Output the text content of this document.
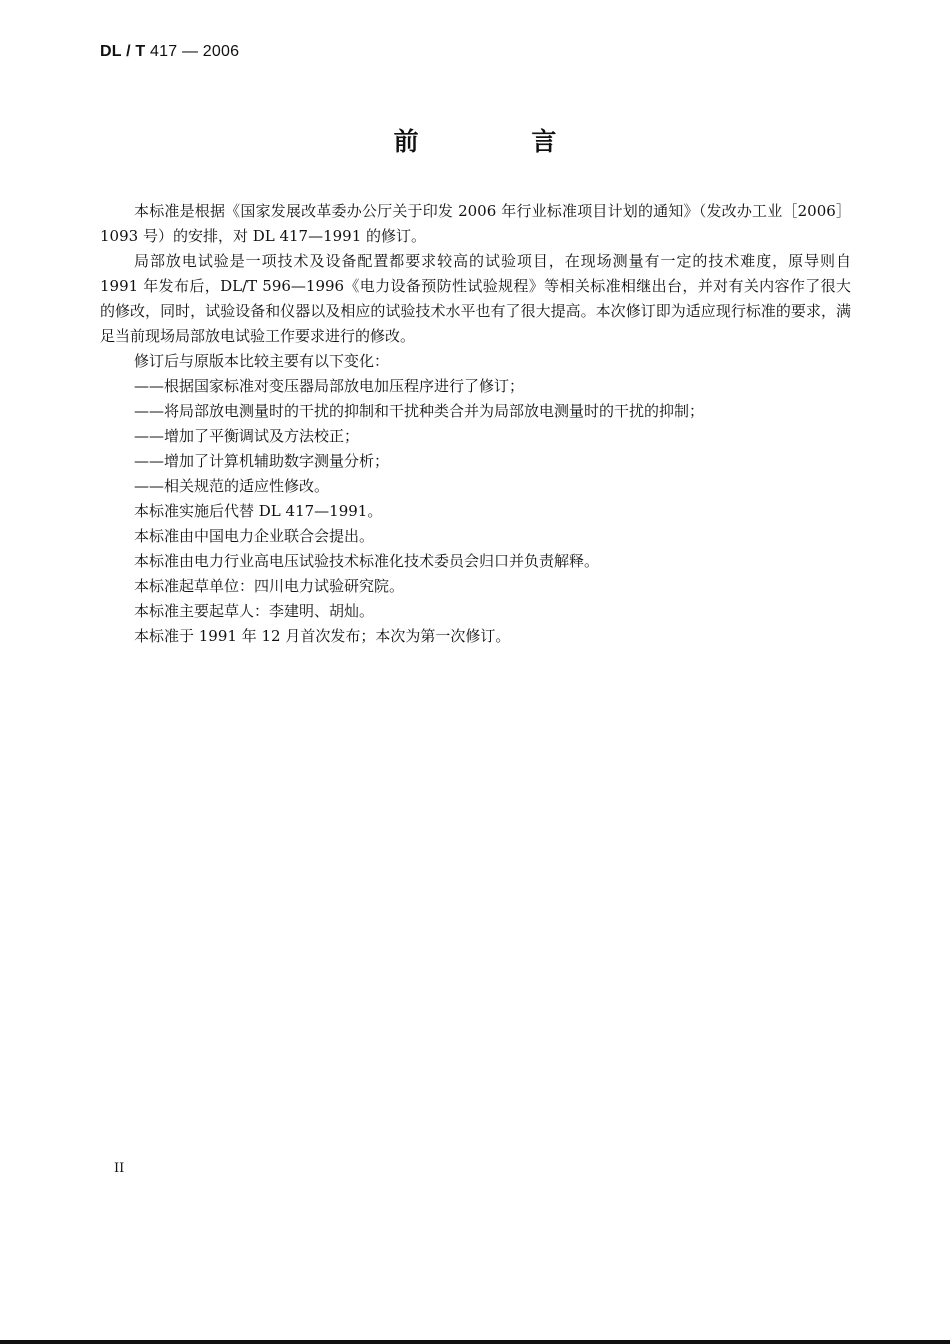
DL / T 417 — 2006
前 言

本标准是根据《国家发展改革委办公厅关于印发 2006 年行业标准项目计划的通知》（发改办工业［2006］1093 号）的安排，对 DL 417—1991 的修订。

局部放电试验是一项技术及设备配置都要求较高的试验项目，在现场测量有一定的技术难度，原导则自 1991 年发布后，DL/T 596—1996《电力设备预防性试验规程》等相关标准相继出台，并对有关内容作了很大的修改，同时，试验设备和仪器以及相应的试验技术水平也有了很大提高。本次修订即为适应现行标准的要求，满足当前现场局部放电试验工作要求进行的修改。

修订后与原版本比较主要有以下变化：

——根据国家标准对变压器局部放电加压程序进行了修订；

——将局部放电测量时的干扰的抑制和干扰种类合并为局部放电测量时的干扰的抑制；

——增加了平衡调试及方法校正；

——增加了计算机辅助数字测量分析；

——相关规范的适应性修改。

本标准实施后代替 DL 417—1991。

本标准由中国电力企业联合会提出。

本标准由电力行业高电压试验技术标准化技术委员会归口并负责解释。

本标准起草单位：四川电力试验研究院。

本标准主要起草人：李建明、胡灿。

本标准于 1991 年 12 月首次发布；本次为第一次修订。

II
